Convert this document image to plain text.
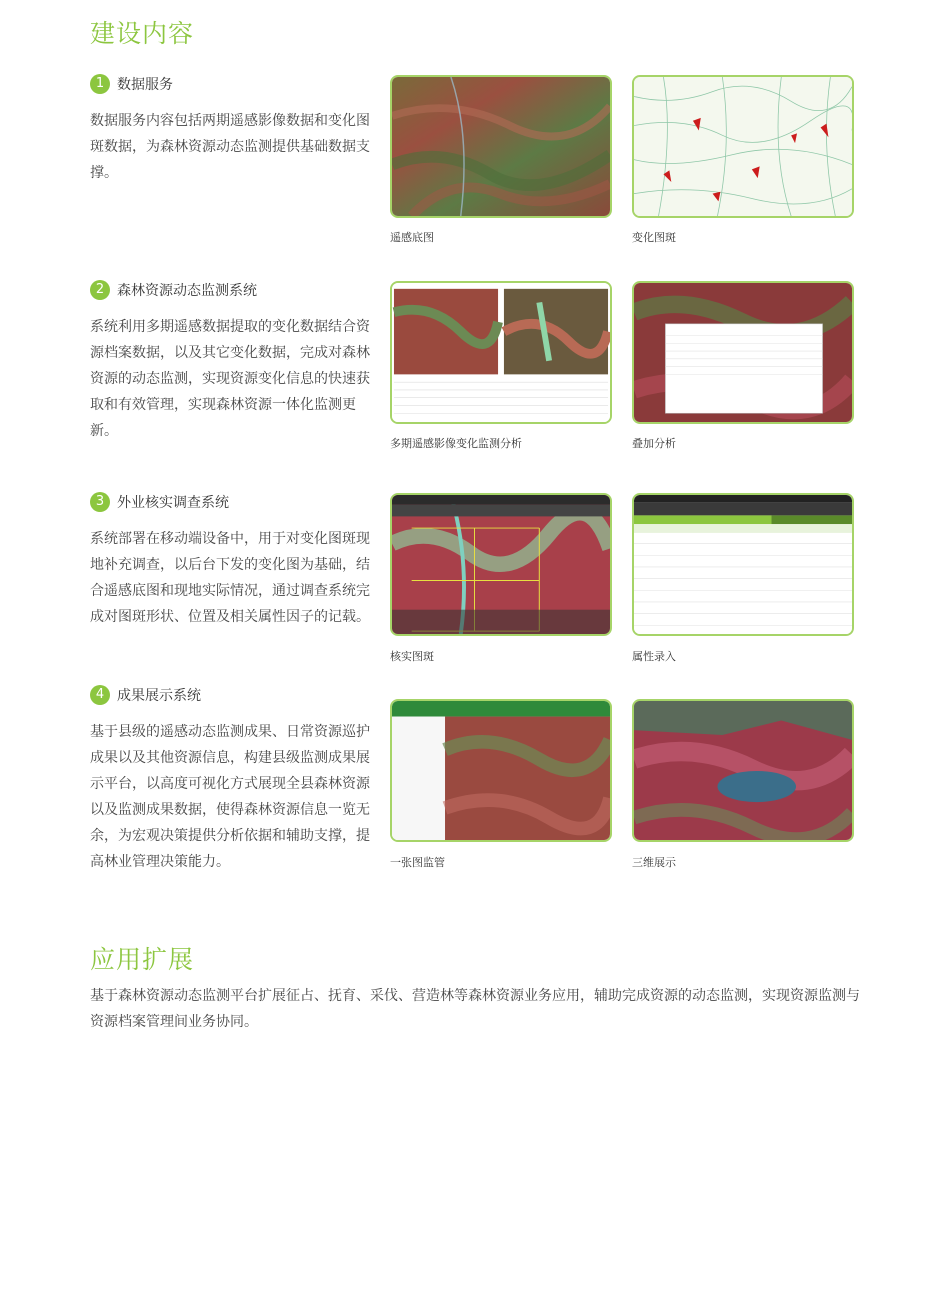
建设内容
1 数据服务

数据服务内容包括两期遥感影像数据和变化图斑数据，为森林资源动态监测提供基础数据支撑。

遥感底图	变化图斑
2 森林资源动态监测系统

系统利用多期遥感数据提取的变化数据结合资源档案数据，以及其它变化数据，完成对森林资源的动态监测，实现资源变化信息的快速获取和有效管理，实现森林资源一体化监测更新。

多期遥感影像变化监测分析	叠加分析
3 外业核实调查系统

系统部署在移动端设备中，用于对变化图斑现地补充调查，以后台下发的变化图为基础，结合遥感底图和现地实际情况，通过调查系统完成对图斑形状、位置及相关属性因子的记载。

核实图斑	属性录入
4 成果展示系统

基于县级的遥感动态监测成果、日常资源巡护成果以及其他资源信息，构建县级监测成果展示平台，以高度可视化方式展现全县森林资源以及监测成果数据，使得森林资源信息一览无余，为宏观决策提供分析依据和辅助支撑，提高林业管理决策能力。	一张图监管	三维展示
应用扩展

基于森林资源动态监测平台扩展征占、抚育、采伐、营造林等森林资源业务应用，辅助完成资源的动态监测，实现资源监测与资源档案管理间业务协同。
